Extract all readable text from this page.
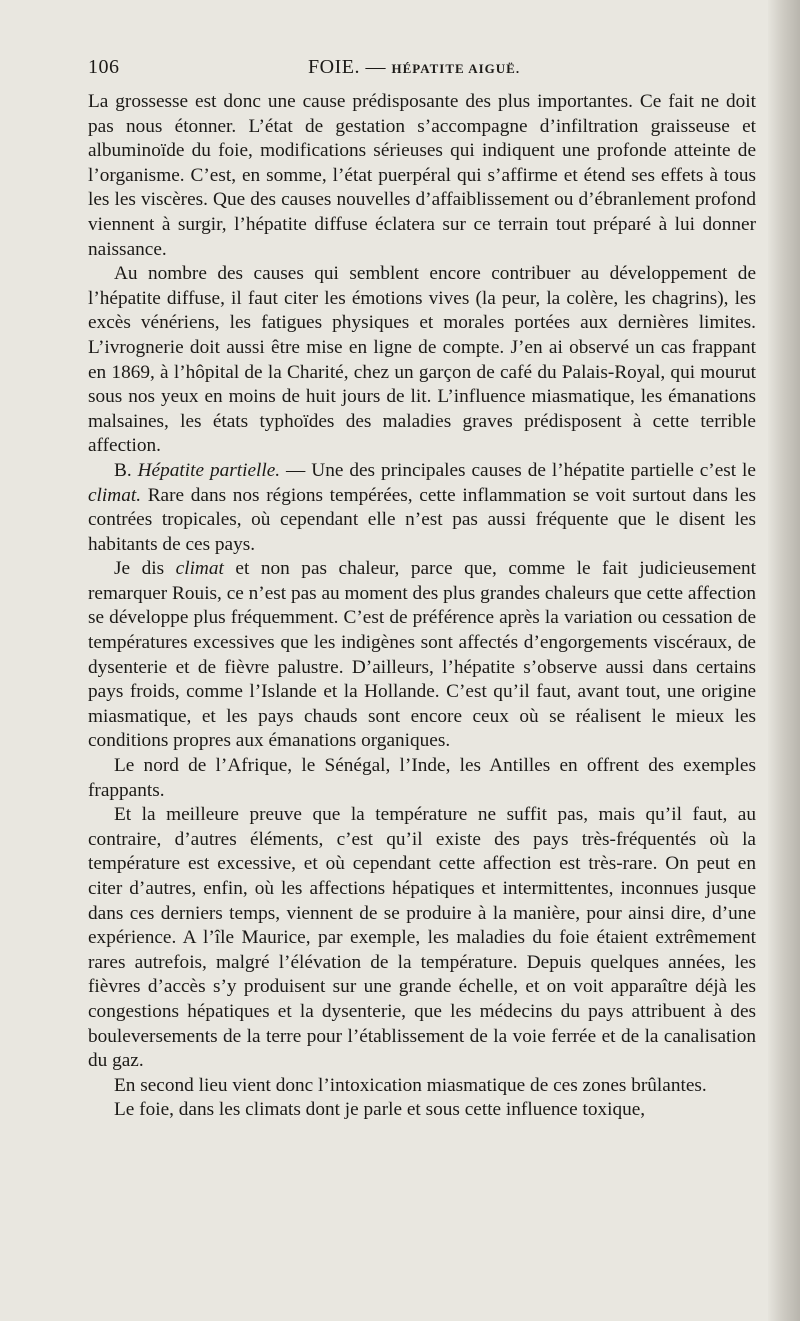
106	FOIE. — HÉPATITE AIGUË.

La grossesse est donc une cause prédisposante des plus importantes. Ce fait ne doit pas nous étonner. L’état de gestation s’accompagne d’infiltration graisseuse et albuminoïde du foie, modifications sérieuses qui indiquent une profonde atteinte de l’organisme. C’est, en somme, l’état puerpéral qui s’affirme et étend ses effets à tous les les viscères. Que des causes nouvelles d’affaiblissement ou d’ébranlement profond viennent à surgir, l’hépatite diffuse éclatera sur ce terrain tout préparé à lui donner naissance.

Au nombre des causes qui semblent encore contribuer au développement de l’hépatite diffuse, il faut citer les émotions vives (la peur, la colère, les chagrins), les excès vénériens, les fatigues physiques et morales portées aux dernières limites. L’ivrognerie doit aussi être mise en ligne de compte. J’en ai observé un cas frappant en 1869, à l’hôpital de la Charité, chez un garçon de café du Palais-Royal, qui mourut sous nos yeux en moins de huit jours de lit. L’influence miasmatique, les émanations malsaines, les états typhoïdes des maladies graves prédisposent à cette terrible affection.

B. Hépatite partielle. — Une des principales causes de l’hépatite partielle c’est le climat. Rare dans nos régions tempérées, cette inflammation se voit surtout dans les contrées tropicales, où cependant elle n’est pas aussi fréquente que le disent les habitants de ces pays.

Je dis climat et non pas chaleur, parce que, comme le fait judicieusement remarquer Rouis, ce n’est pas au moment des plus grandes chaleurs que cette affection se développe plus fréquemment. C’est de préférence après la variation ou cessation de températures excessives que les indigènes sont affectés d’engorgements viscéraux, de dysenterie et de fièvre palustre. D’ailleurs, l’hépatite s’observe aussi dans certains pays froids, comme l’Islande et la Hollande. C’est qu’il faut, avant tout, une origine miasmatique, et les pays chauds sont encore ceux où se réalisent le mieux les conditions propres aux émanations organiques.

Le nord de l’Afrique, le Sénégal, l’Inde, les Antilles en offrent des exemples frappants.

Et la meilleure preuve que la température ne suffit pas, mais qu’il faut, au contraire, d’autres éléments, c’est qu’il existe des pays très-fréquentés où la température est excessive, et où cependant cette affection est très-rare. On peut en citer d’autres, enfin, où les affections hépatiques et intermittentes, inconnues jusque dans ces derniers temps, viennent de se produire à la manière, pour ainsi dire, d’une expérience. A l’île Maurice, par exemple, les maladies du foie étaient extrêmement rares autrefois, malgré l’élévation de la température. Depuis quelques années, les fièvres d’accès s’y produisent sur une grande échelle, et on voit apparaître déjà les congestions hépatiques et la dysenterie, que les médecins du pays attribuent à des bouleversements de la terre pour l’établissement de la voie ferrée et de la canalisation du gaz.

En second lieu vient donc l’intoxication miasmatique de ces zones brûlantes.

Le foie, dans les climats dont je parle et sous cette influence toxique,
